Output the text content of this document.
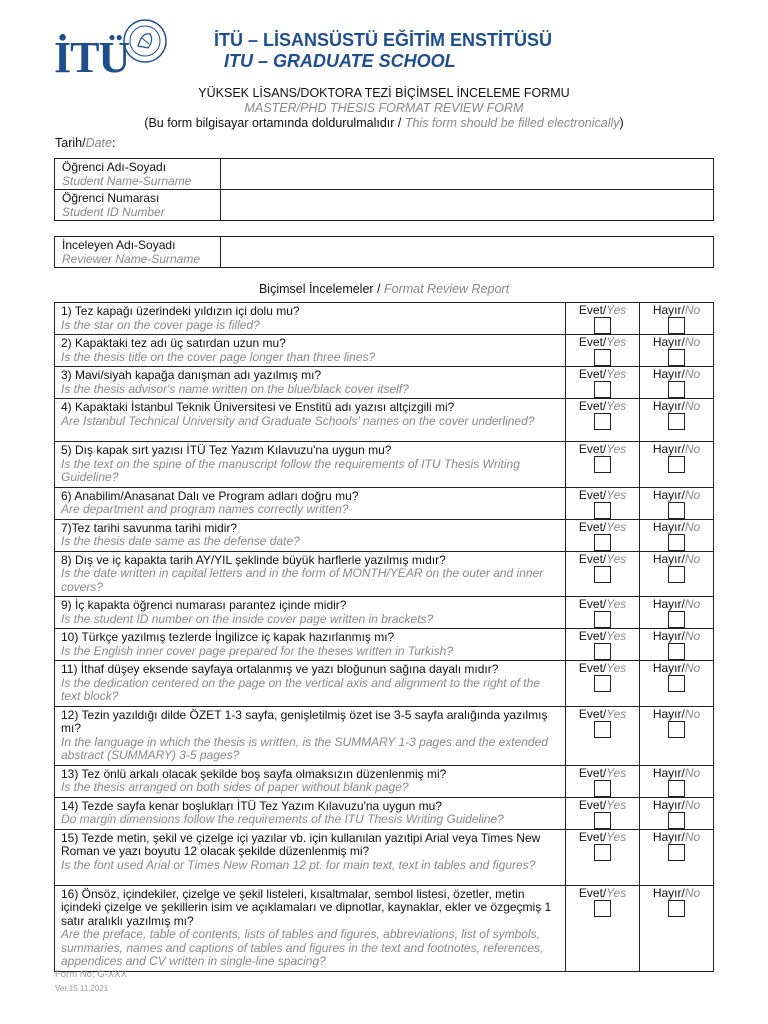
İTÜ	İTÜ – LİSANSÜSTÜ EĞİTİM ENSTİTÜSÜ
ITU – GRADUATE SCHOOL
YÜKSEK LİSANS/DOKTORA TEZİ BİÇİMSEL İNCELEME FORMU
MASTER/PHD THESIS FORMAT REVIEW FORM
(Bu form bilgisayar ortamında doldurulmalıdır / This form should be filled electronically)
Tarih/Date:
Öğrenci Adı-Soyadı
Student Name-Surname	

Öğrenci Numarası
Student ID Number	

İnceleyen Adı-Soyadı
Reviewer Name-Surname

Biçimsel İncelemeler / Format Review Report
1) Tez kapağı üzerindeki yıldızın içi dolu mu?
Is the star on the cover page is filled?	Evet/Yes	Hayır/No

2) Kapaktaki tez adı üç satırdan uzun mu?
Is the thesis title on the cover page longer than three lines?	Evet/Yes	Hayır/No

3) Mavi/siyah kapağa danışman adı yazılmış mı?
Is the thesis advisor's name written on the blue/black cover itself?	Evet/Yes	Hayır/No

4) Kapaktaki İstanbul Teknik Üniversitesi ve Enstitü adı yazısı altçizgili mi?
Are Istanbul Technical University and Graduate Schools' names on the cover underlined?	Evet/Yes	Hayır/No

5) Dış kapak sırt yazısı İTÜ Tez Yazım Kılavuzu'na uygun mu?
Is the text on the spine of the manuscript follow the requirements of ITU Thesis Writing Guideline?	Evet/Yes	Hayır/No

6) Anabilim/Anasanat Dalı ve Program adları doğru mu?
Are department and program names correctly written?	Evet/Yes	Hayır/No

7)Tez tarihi savunma tarihi midir?
Is the thesis date same as the defense date?	Evet/Yes	Hayır/No

8) Dış ve iç kapakta tarih AY/YIL şeklinde büyük harflerle yazılmış mıdır?
Is the date written in capital letters and in the form of MONTH/YEAR on the outer and inner covers?	Evet/Yes	Hayır/No

9) İç kapakta öğrenci numarası parantez içinde midir?
Is the student ID number on the inside cover page written in brackets?	Evet/Yes	Hayır/No

10) Türkçe yazılmış tezlerde İngilizce iç kapak hazırlanmış mı?
Is the English inner cover page prepared for the theses written in Turkish?	Evet/Yes	Hayır/No

11) İthaf düşey eksende sayfaya ortalanmış ve yazı bloğunun sağına dayalı mıdır?
Is the dedication centered on the page on the vertical axis and alignment to the right of the text block?	Evet/Yes	Hayır/No

12) Tezin yazıldığı dilde ÖZET 1-3 sayfa, genişletilmiş özet ise 3-5 sayfa aralığında yazılmış mı?
In the language in which the thesis is written, is the SUMMARY 1-3 pages and the extended abstract (SUMMARY) 3-5 pages?	Evet/Yes	Hayır/No

13) Tez önlü arkalı olacak şekilde boş sayfa olmaksızın düzenlenmiş mi?
Is the thesis arranged on both sides of paper without blank page?	Evet/Yes	Hayır/No

14) Tezde sayfa kenar boşlukları İTÜ Tez Yazım Kılavuzu'na uygun mu?
Do margin dimensions follow the requirements of the ITU Thesis Writing Guideline?	Evet/Yes	Hayır/No

15) Tezde metin, şekil ve çizelge içi yazılar vb. için kullanılan yazıtipi Arial veya Times New Roman ve yazı boyutu 12 olacak şekilde düzenlenmiş mi?
Is the font used Arial or Times New Roman 12 pt. for main text, text in tables and figures?	Evet/Yes	Hayır/No

16) Önsöz, içindekiler, çizelge ve şekil listeleri, kısaltmalar, sembol listesi, özetler, metin içindeki çizelge ve şekillerin isim ve açıklamaları ve dipnotlar, kaynaklar, ekler ve özgeçmiş 1 satır aralıklı yazılmış mı?
Are the preface, table of contents, lists of tables and figures, abbreviations, list of symbols, summaries, names and captions of tables and figures in the text and footnotes, references, appendices and CV written in single-line spacing?	Evet/Yes	Hayır/No
Form No: G-XXX
Ver.15.11.2021
